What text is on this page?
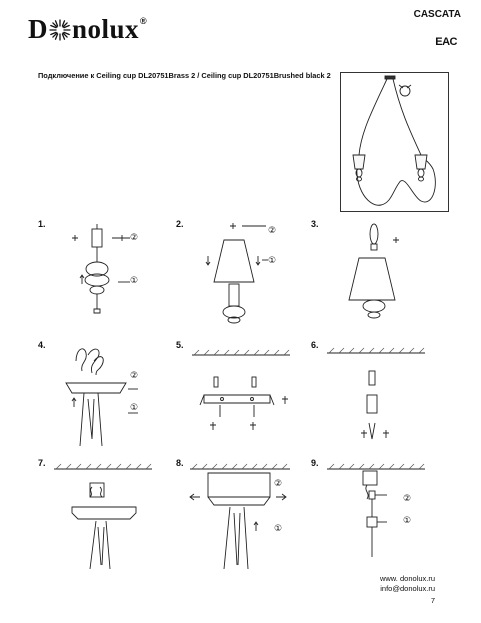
D nolux ®
CASCATA
EAC
Подключение к Ceiling cup DL20751Brass 2 / Ceiling cup DL20751Brushed black 2
1.
②
①
2.
②
①
3.
4.
②
①
5.	6.
7.	8.
②
①
9.
②
①
www. donolux.ru
info@donolux.ru
7
